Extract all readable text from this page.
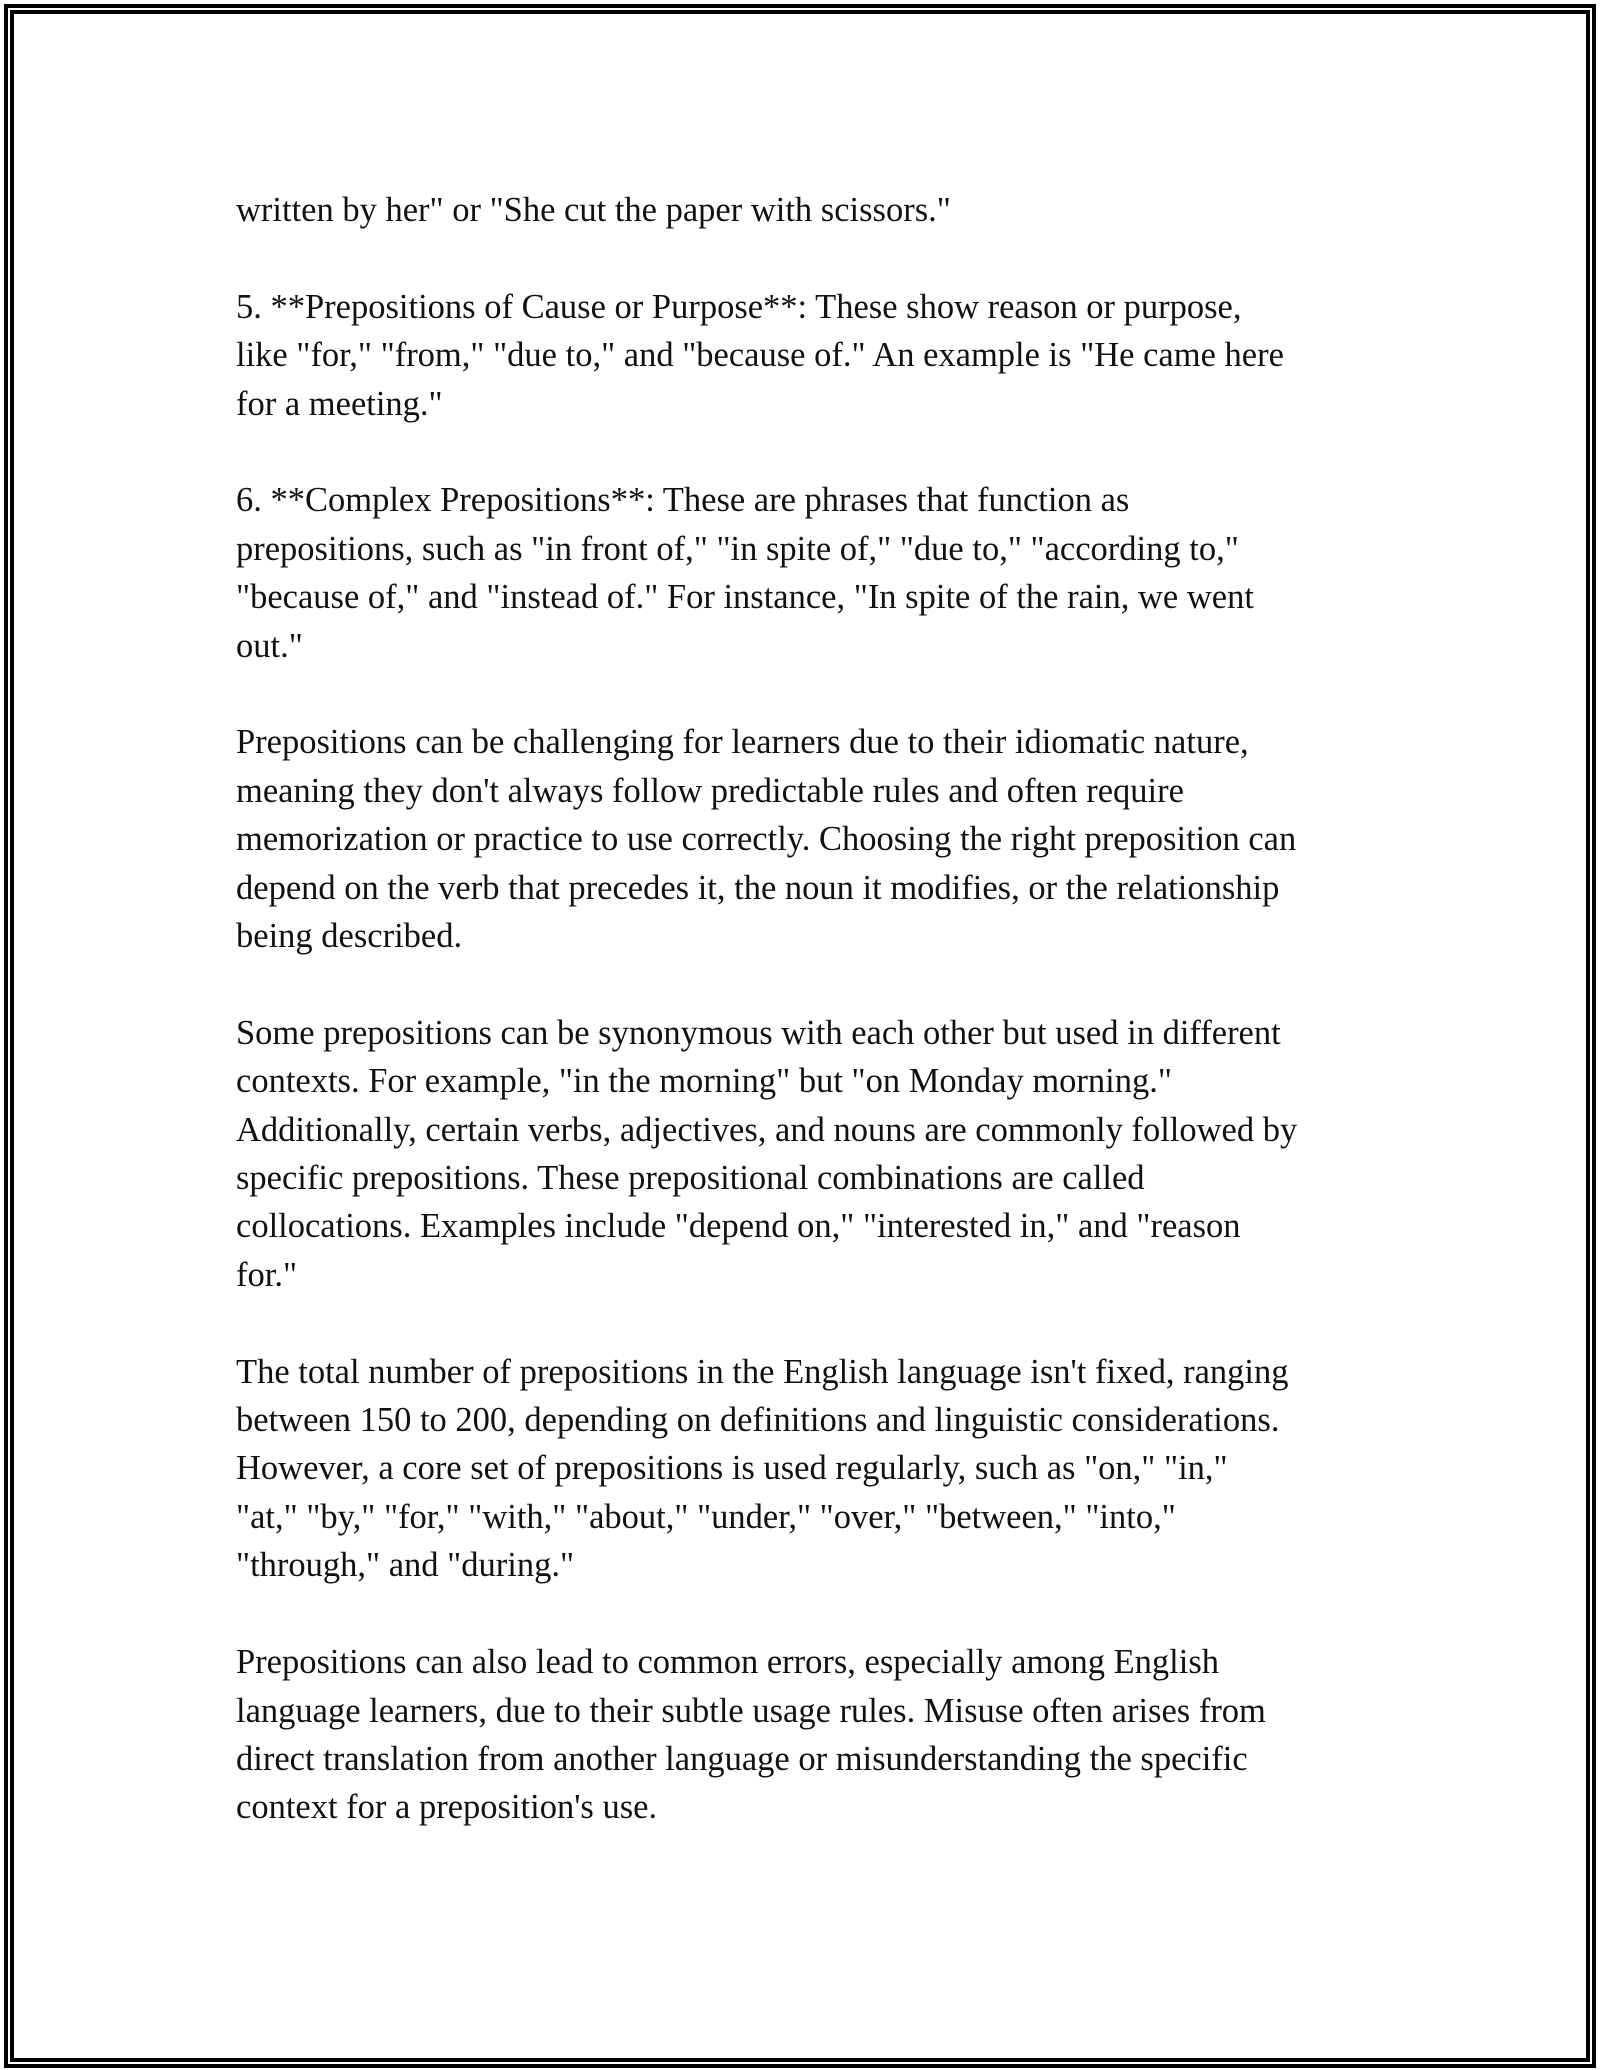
written by her" or "She cut the paper with scissors."

5. **Prepositions of Cause or Purpose**: These show reason or purpose,
like "for," "from," "due to," and "because of." An example is "He came here
for a meeting."

6. **Complex Prepositions**: These are phrases that function as
prepositions, such as "in front of," "in spite of," "due to," "according to,"
"because of," and "instead of." For instance, "In spite of the rain, we went
out."

Prepositions can be challenging for learners due to their idiomatic nature,
meaning they don't always follow predictable rules and often require
memorization or practice to use correctly. Choosing the right preposition can
depend on the verb that precedes it, the noun it modifies, or the relationship
being described.

Some prepositions can be synonymous with each other but used in different
contexts. For example, "in the morning" but "on Monday morning."
Additionally, certain verbs, adjectives, and nouns are commonly followed by
specific prepositions. These prepositional combinations are called
collocations. Examples include "depend on," "interested in," and "reason
for."

The total number of prepositions in the English language isn't fixed, ranging
between 150 to 200, depending on definitions and linguistic considerations.
However, a core set of prepositions is used regularly, such as "on," "in,"
"at," "by," "for," "with," "about," "under," "over," "between," "into,"
"through," and "during."

Prepositions can also lead to common errors, especially among English
language learners, due to their subtle usage rules. Misuse often arises from
direct translation from another language or misunderstanding the specific
context for a preposition's use.
